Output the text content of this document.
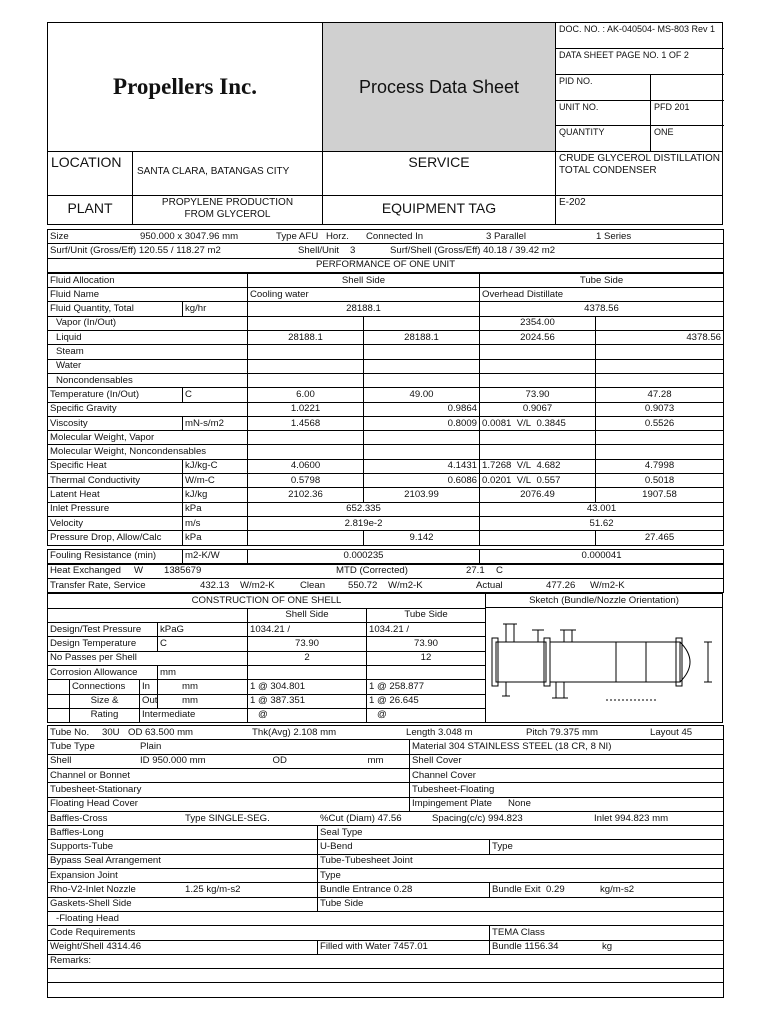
Propellers Inc.	Process Data Sheet
DOC. NO. : AK-040504- MS-803 Rev 1
DATA SHEET PAGE NO. 1 OF 2
PID NO.
UNIT NO.	PFD 201
QUANTITY	ONE
LOCATION
SANTA CLARA, BATANGAS CITY
SERVICE	CRUDE GLYCEROL DISTILLATION TOTAL CONDENSER
PLANT	PROPYLENE PRODUCTION FROM GLYCEROL	EQUIPMENT TAG	E-202
Size	950.000 x 3047.96 mm	Type AFU Horz. Connected In	3 Parallel	1 Series
Surf/Unit (Gross/Eff) 120.55 / 118.27 m2	Shell/Unit 3	Surf/Shell (Gross/Eff) 40.18 / 39.42 m2
PERFORMANCE OF ONE UNIT
Fluid Allocation		Shell Side		Tube Side	
Fluid Name		Cooling water		Overhead Distillate	
Fluid Quantity, Total	kg/hr	28188.1		4378.56	
Vapor (In/Out)				2354.00	
Liquid		28188.1	28188.1	2024.56	4378.56
Steam					
Water					
Noncondensables					
Temperature (In/Out)	C	6.00	49.00	73.90	47.28
Specific Gravity		1.0221	0.9864	0.9067	0.9073
Viscosity	mN-s/m2	1.4568	0.8009	0.0081 V/L 0.3845	0.5526
Molecular Weight, Vapor					
Molecular Weight, Noncondensables					
Specific Heat	kJ/kg-C	4.0600	4.1431	1.7268 V/L 4.682	4.7998
Thermal Conductivity	W/m-C	0.5798	0.6086	0.0201 V/L 0.557	0.5018
Latent Heat	kJ/kg	2102.36	2103.99	2076.49	1907.58
Inlet Pressure	kPa	652.335		43.001	
Velocity	m/s	2.819e-2		51.62	
Pressure Drop, Allow/Calc	kPa		9.142		27.465
Fouling Resistance (min)	m2-K/W	0.000235	0.000041
Heat Exchanged W 1385679	MTD (Corrected)	27.1 C
Transfer Rate, Service	432.13 W/m2-K	Clean 550.72 W/m2-K	Actual	477.26 W/m2-K
CONSTRUCTION OF ONE SHELL					
				Shell Side	Tube Side
Design/Test Pressure			kPaG	1034.21 /	1034.21 /
Design Temperature			C	73.90	73.90
No Passes per Shell				2	12
Corrosion Allowance			mm		
	Connections	In	mm	1 @ 304.801	1 @ 258.877
	Size &	Out	mm	1 @ 387.351	1 @ 26.645
	Rating	Intermediate		@	@
Sketch (Bundle/Nozzle Orientation)
Tube No. 30U OD 63.500 mm Thk(Avg) 2.108 mm Length 3.048 m Pitch 79.375 mm Layout 45				
Tube Type Plain			Material 304 STAINLESS STEEL (18 CR, 8 NI)	
Shell ID 950.000 mm	OD	mm	Shell Cover	
Channel or Bonnet			Channel Cover	
Tubesheet-Stationary			Tubesheet-Floating	
Floating Head Cover			Impingement Plate None	
Baffles-Cross Type SINGLE-SEG. %Cut (Diam) 47.56 Spacing(c/c) 994.823 Inlet 994.823 mm				
Baffles-Long		Seal Type		
Supports-Tube		U-Bend		Type
Bypass Seal Arrangement		Tube-Tubesheet Joint		
Expansion Joint		Type		
Rho-V2-Inlet Nozzle 1.25 kg/m-s2		Bundle Entrance 0.28		Bundle Exit 0.29 kg/m-s2
Gaskets-Shell Side		Tube Side		
-Floating Head				
Code Requirements				TEMA Class
Weight/Shell 4314.46		Filled with Water 7457.01		Bundle 1156.34 kg
Remarks:				
